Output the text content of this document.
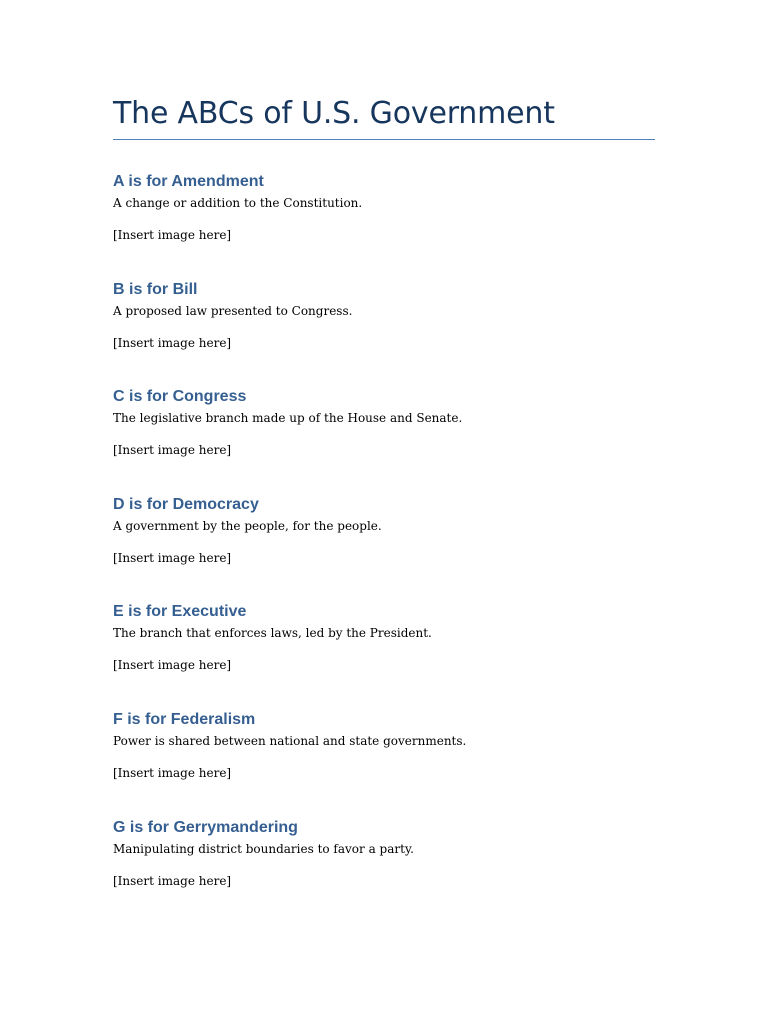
The ABCs of U.S. Government
A is for Amendment

A change or addition to the Constitution.

[Insert image here]

B is for Bill

A proposed law presented to Congress.

[Insert image here]

C is for Congress

The legislative branch made up of the House and Senate.

[Insert image here]

D is for Democracy

A government by the people, for the people.

[Insert image here]

E is for Executive

The branch that enforces laws, led by the President.

[Insert image here]

F is for Federalism

Power is shared between national and state governments.

[Insert image here]

G is for Gerrymandering

Manipulating district boundaries to favor a party.

[Insert image here]
